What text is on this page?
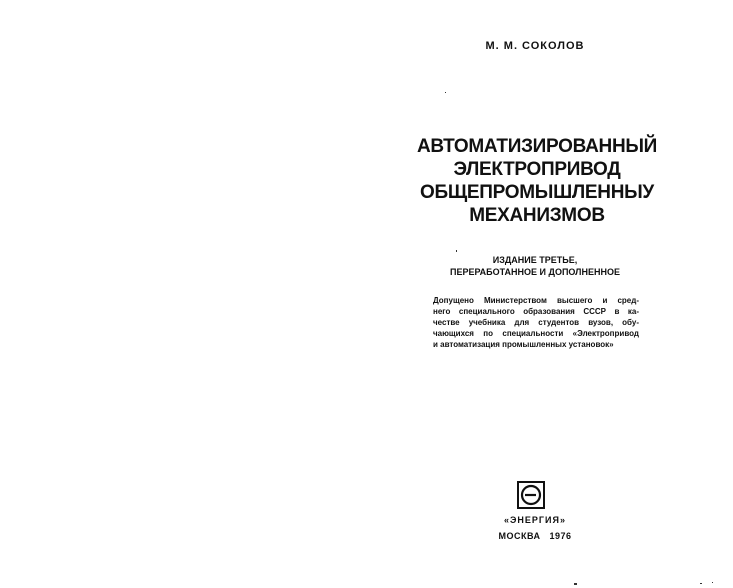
М. М. СОКОЛОВ
АВТОМАТИЗИРОВАННЫЙ
ЭЛЕКТРОПРИВОД
ОБЩЕПРОМЫШЛЕННЫУ
МЕХАНИЗМОВ
ИЗДАНИЕ ТРЕТЬЕ,
ПЕРЕРАБОТАННОЕ И ДОПОЛНЕННОЕ
Допущено Министерством высшего и сред-
него специального образования СССР в ка-
честве учебника для студентов вузов, обу-
чающихся по специальности «Электропривод
и автоматизация промышленных установок»
«ЭНЕРГИЯ»
МОСКВА 1976
